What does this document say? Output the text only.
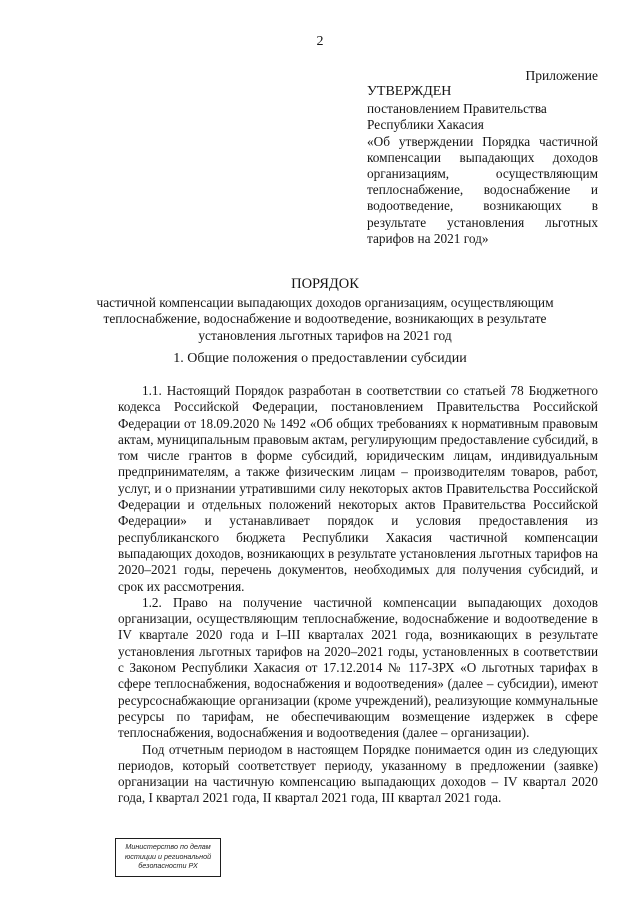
2
Приложение
УТВЕРЖДЕН
постановлением Правительства
Республики Хакасия
«Об утверждении Порядка частичной
компенсации выпадающих доходов
организациям, осуществляющим
теплоснабжение, водоснабжение и
водоотведение, возникающих в
результате установления льготных
тарифов на 2021 год»
ПОРЯДОК
частичной компенсации выпадающих доходов организациям, осуществляющим
теплоснабжение, водоснабжение и водоотведение, возникающих в результате
установления льготных тарифов на 2021 год
1. Общие положения о предоставлении субсидии

1.1. Настоящий Порядок разработан в соответствии со статьей 78 Бюджетного кодекса Российской Федерации, постановлением Правительства Российской Федерации от 18.09.2020 № 1492 «Об общих требованиях к нормативным правовым актам, муниципальным правовым актам, регулирующим предоставление субсидий, в том числе грантов в форме субсидий, юридическим лицам, индивидуальным предпринимателям, а также физическим лицам – производителям товаров, работ, услуг, и о признании утратившими силу некоторых актов Правительства Российской Федерации и отдельных положений некоторых актов Правительства Российской Федерации» и устанавливает порядок и условия предоставления из республиканского бюджета Республики Хакасия частичной компенсации выпадающих доходов, возникающих в результате установления льготных тарифов на 2020–2021 годы, перечень документов, необходимых для получения субсидий, и срок их рассмотрения.

1.2. Право на получение частичной компенсации выпадающих доходов организации, осуществляющим теплоснабжение, водоснабжение и водоотведение в IV квартале 2020 года и I–III кварталах 2021 года, возникающих в результате установления льготных тарифов на 2020–2021 годы, установленных в соответствии с Законом Республики Хакасия от 17.12.2014 № 117-ЗРХ «О льготных тарифах в сфере теплоснабжения, водоснабжения и водоотведения» (далее – субсидии), имеют ресурсоснабжающие организации (кроме учреждений), реализующие коммунальные ресурсы по тарифам, не обеспечивающим возмещение издержек в сфере теплоснабжения, водоснабжения и водоотведения (далее – организации).

Под отчетным периодом в настоящем Порядке понимается один из следующих периодов, который соответствует периоду, указанному в предложении (заявке) организации на частичную компенсацию выпадающих доходов – IV квартал 2020 года, I квартал 2021 года, II квартал 2021 года, III квартал 2021 года.

Министерство по делам
юстиции и региональной
безопасности РХ
